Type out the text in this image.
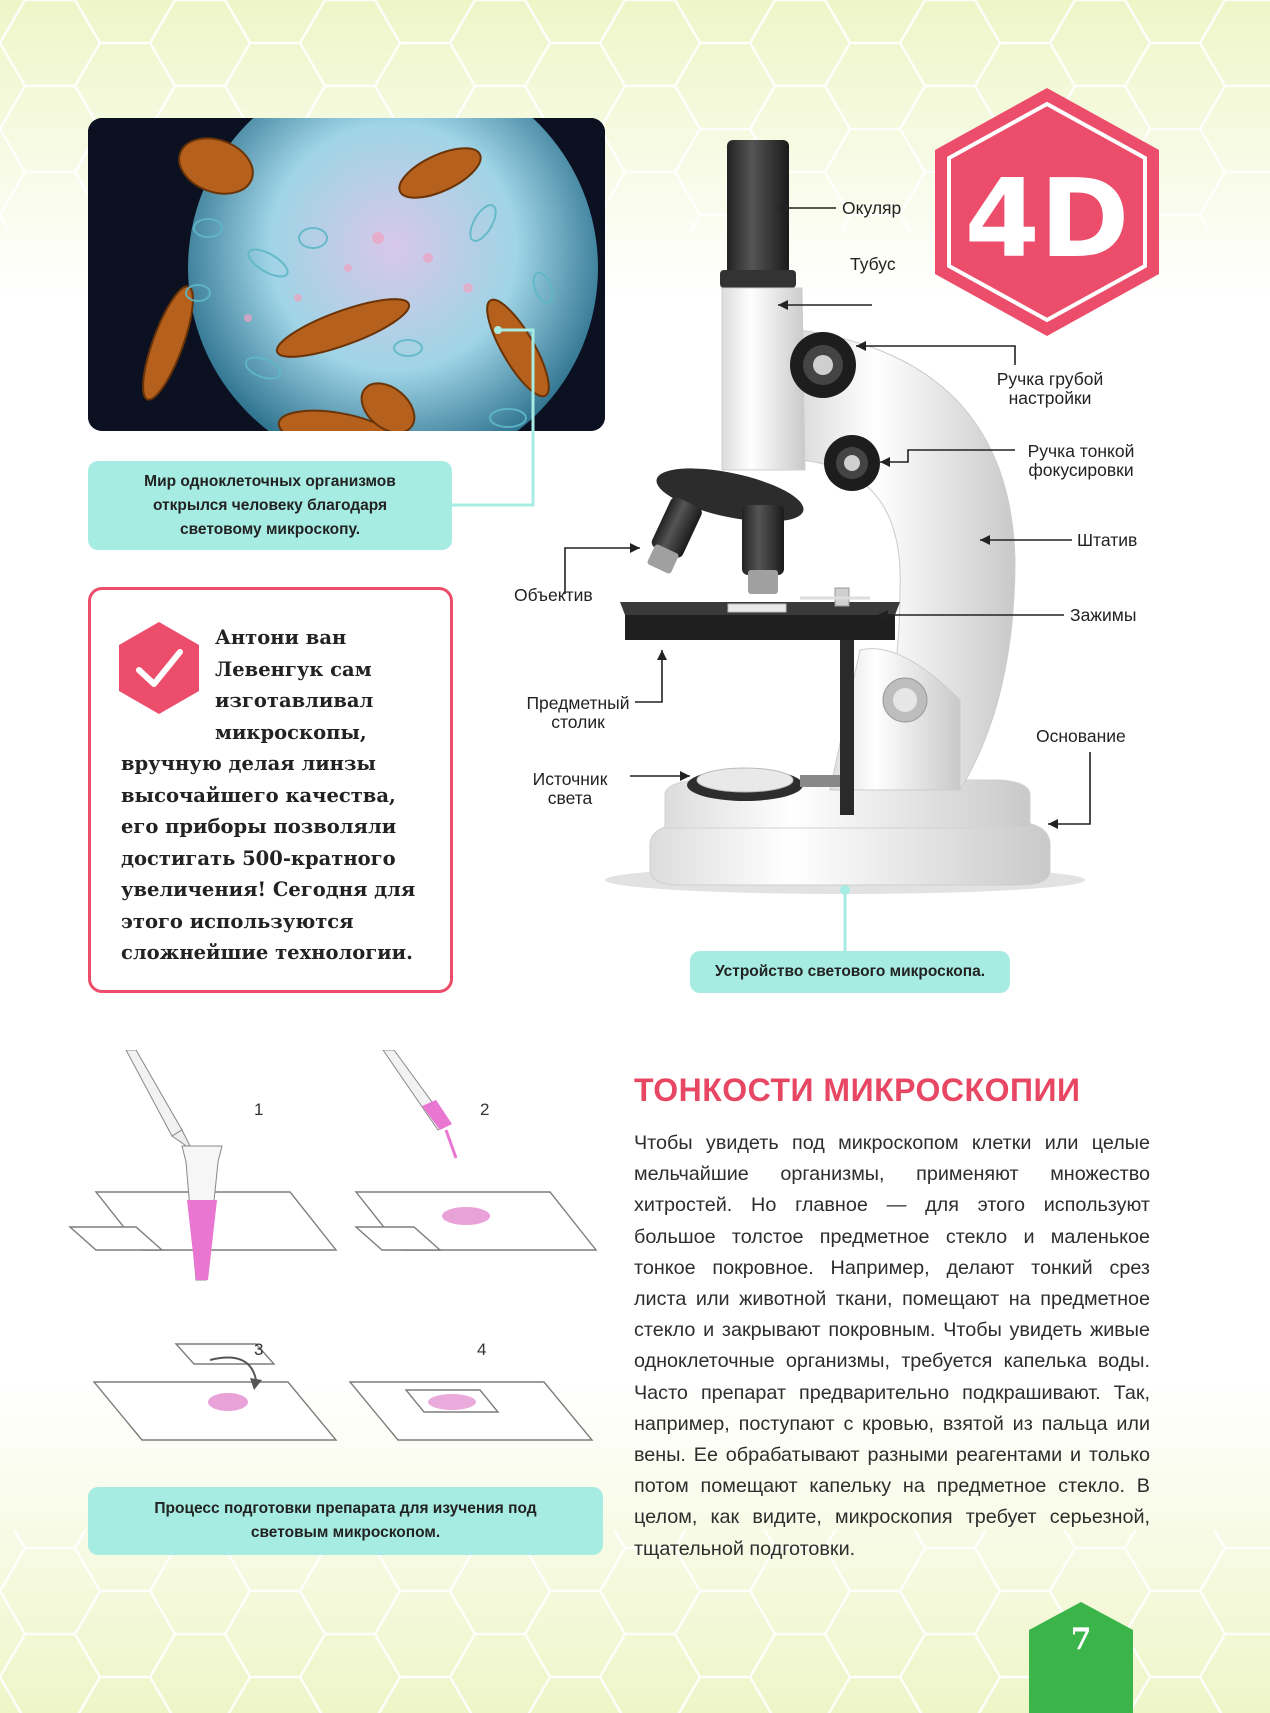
Мир одноклеточных организмов открылся человеку благодаря световому микроскопу.

Антони ван Левенгук сам изготавливал микроскопы, вручную делая линзы высочайшего качества, его приборы позволяли достигать 500-кратного увеличения! Сегодня для этого используются сложнейшие технологии.

4D
Окуляр
Тубус
Ручка грубой
настройки
Ручка тонкой
фокусировки
Штатив
Объектив
Зажимы
Предметный
столик
Основание
Источник
света
Устройство светового микроскопа.
1	2
3	4
Процесс подготовки препарата для изучения под световым микроскопом.
ТОНКОСТИ МИКРОСКОПИИ

Чтобы увидеть под микроскопом клетки или целые мельчайшие организмы, применяют множество хитростей. Но главное — для этого используют большое толстое предметное стекло и маленькое тонкое покровное. Например, делают тонкий срез листа или животной ткани, помещают на предметное стекло и закрывают покровным. Чтобы увидеть живые одноклеточные организмы, требуется капелька воды. Часто препарат предварительно подкрашивают. Так, например, поступают с кровью, взятой из пальца или вены. Ее обрабатывают разными реагентами и только потом помещают капельку на предметное стекло. В целом, как видите, микроскопия требует серьезной, тщательной подготовки.

7
